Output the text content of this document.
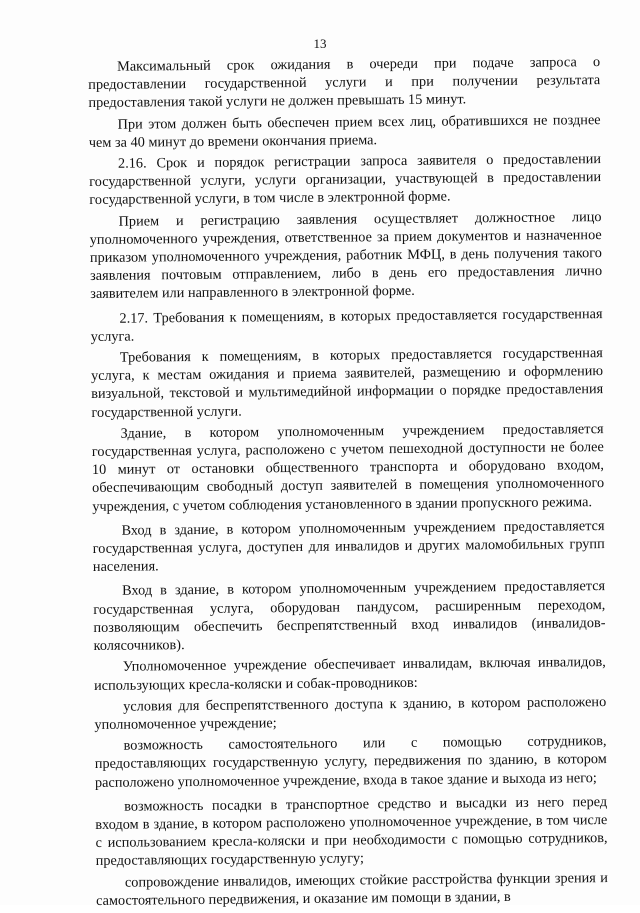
13

Максимальный срок ожидания в очереди при подаче запроса о предоставлении государственной услуги и при получении результата предоставления такой услуги не должен превышать 15 минут.

При этом должен быть обеспечен прием всех лиц, обратившихся не позднее чем за 40 минут до времени окончания приема.

2.16. Срок и порядок регистрации запроса заявителя о предоставлении государственной услуги, услуги организации, участвующей в предоставлении государственной услуги, в том числе в электронной форме.

Прием и регистрацию заявления осуществляет должностное лицо уполномоченного учреждения, ответственное за прием документов и назначенное приказом уполномоченного учреждения, работник МФЦ, в день получения такого заявления почтовым отправлением, либо в день его предоставления лично заявителем или направленного в электронной форме.

2.17. Требования к помещениям, в которых предоставляется государственная услуга.

Требования к помещениям, в которых предоставляется государственная услуга, к местам ожидания и приема заявителей, размещению и оформлению визуальной, текстовой и мультимедийной информации о порядке предоставления государственной услуги.

Здание, в котором уполномоченным учреждением предоставляется государственная услуга, расположено с учетом пешеходной доступности не более 10 минут от остановки общественного транспорта и оборудовано входом, обеспечивающим свободный доступ заявителей в помещения уполномоченного учреждения, с учетом соблюдения установленного в здании пропускного режима.

Вход в здание, в котором уполномоченным учреждением предоставляется государственная услуга, доступен для инвалидов и других маломобильных групп населения.

Вход в здание, в котором уполномоченным учреждением предоставляется государственная услуга, оборудован пандусом, расширенным переходом, позволяющим обеспечить беспрепятственный вход инвалидов (инвалидов-колясочников).

Уполномоченное учреждение обеспечивает инвалидам, включая инвалидов, использующих кресла-коляски и собак-проводников:

условия для беспрепятственного доступа к зданию, в котором расположено уполномоченное учреждение;

возможность самостоятельного или с помощью сотрудников, предоставляющих государственную услугу, передвижения по зданию, в котором расположено уполномоченное учреждение, входа в такое здание и выхода из него;

возможность посадки в транспортное средство и высадки из него перед входом в здание, в котором расположено уполномоченное учреждение, в том числе с использованием кресла-коляски и при необходимости с помощью сотрудников, предоставляющих государственную услугу;

сопровождение инвалидов, имеющих стойкие расстройства функции зрения и самостоятельного передвижения, и оказание им помощи в здании, в
